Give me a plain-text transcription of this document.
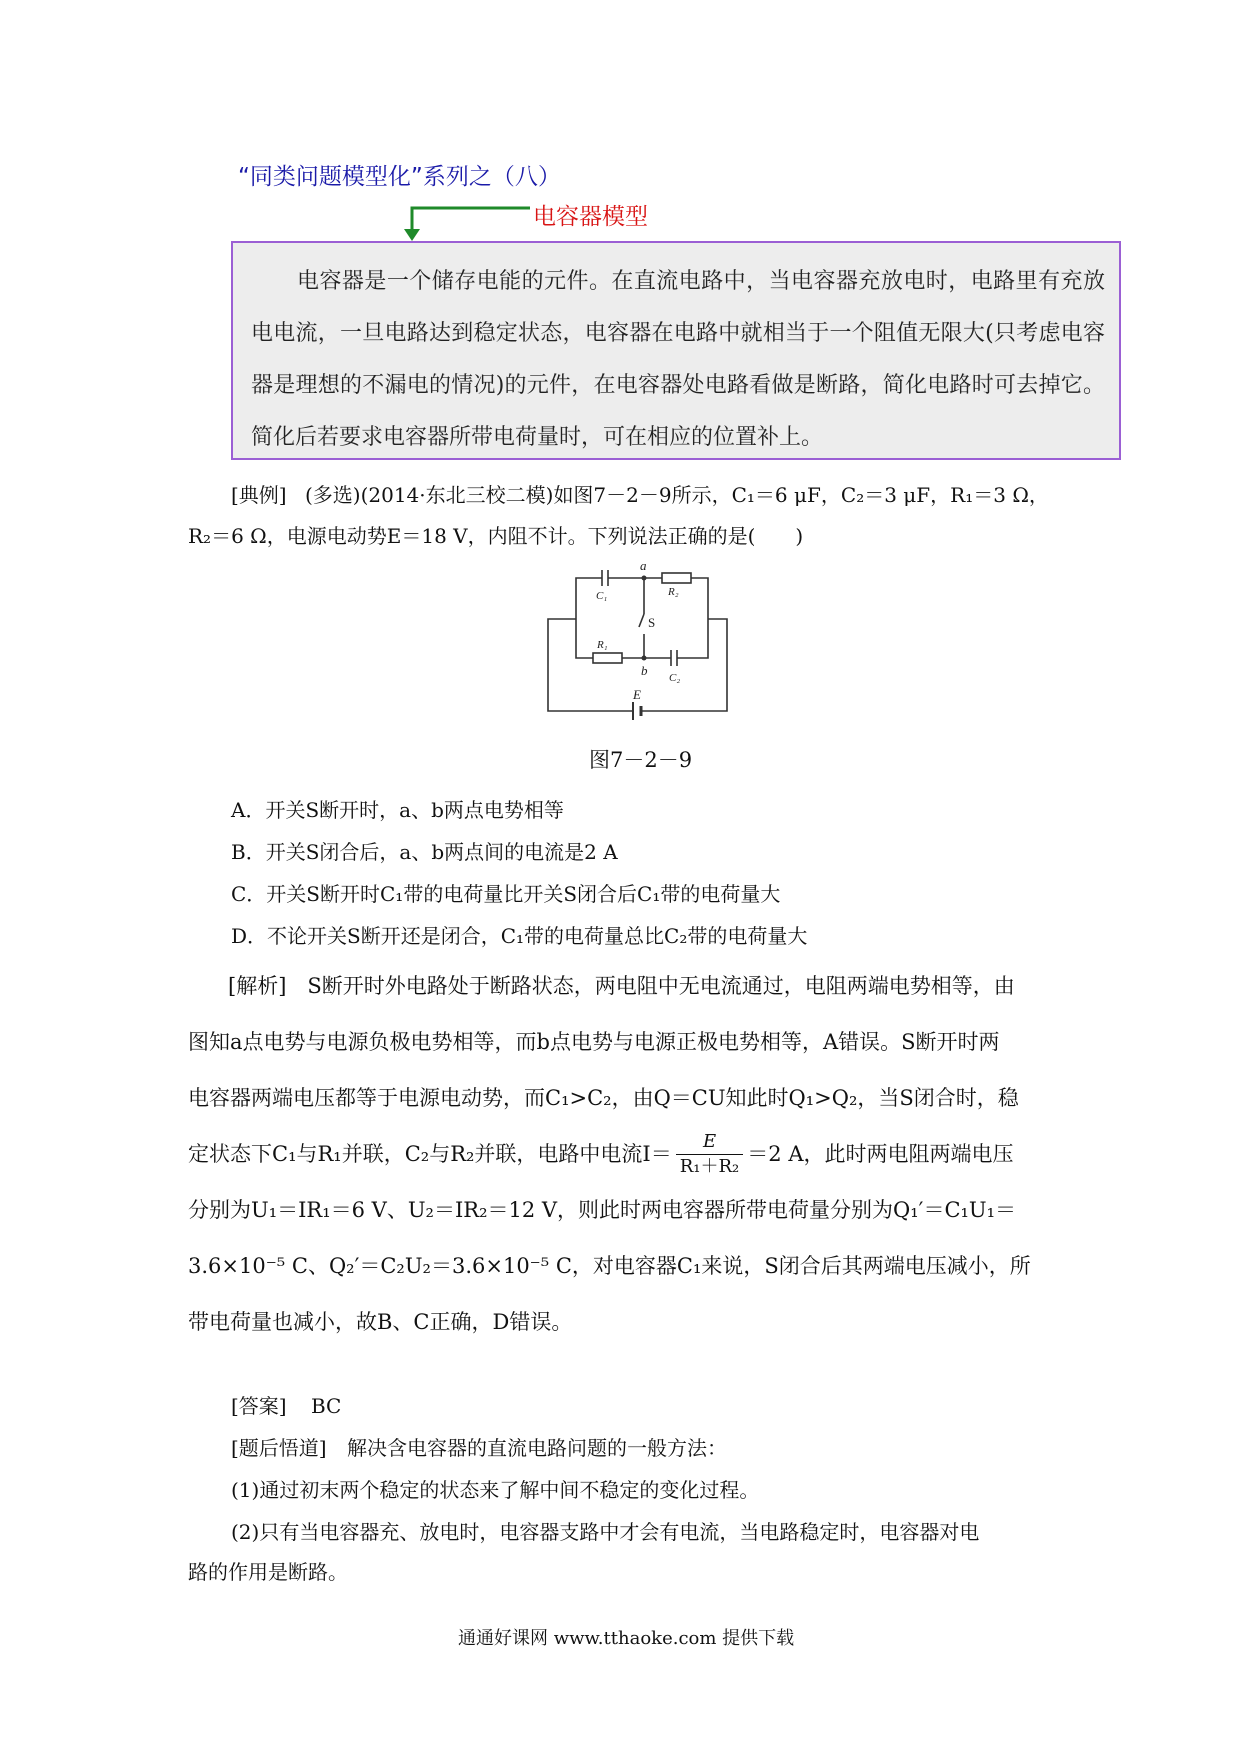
“同类问题模型化”系列之（八）
电容器模型
电容器是一个储存电能的元件。在直流电路中，当电容器充放电时，电路里有充放电电流，一旦电路达到稳定状态，电容器在电路中就相当于一个阻值无限大(只考虑电容器是理想的不漏电的情况)的元件，在电容器处电路看做是断路，简化电路时可去掉它。简化后若要求电容器所带电荷量时，可在相应的位置补上。
[典例] (多选)(2014·东北三校二模)如图7－2－9所示，C₁＝6 μF，C₂＝3 μF，R₁＝3 Ω，
R₂＝6 Ω，电源电动势E＝18 V，内阻不计。下列说法正确的是(　　)
a
b
C₁	R₂
R₁
C₂
S
E
图7－2－9
A．开关S断开时，a、b两点电势相等
B．开关S闭合后，a、b两点间的电流是2 A
C．开关S断开时C₁带的电荷量比开关S闭合后C₁带的电荷量大
D．不论开关S断开还是闭合，C₁带的电荷量总比C₂带的电荷量大
[解析]　 S断开时外电路处于断路状态，两电阻中无电流通过，电阻两端电势相等，由
图知a点电势与电源负极电势相等，而b点电势与电源正极电势相等，A错误。S断开时两
电容器两端电压都等于电源电动势，而C₁>C₂，由Q＝CU知此时Q₁>Q₂，当S闭合时，稳
定状态下C₁与R₁并联，C₂与R₂并联，电路中电流$I= \frac{E}{\text{R₁＋R₂}} =2$ A，此时两电阻两端电压
分别为U₁＝IR₁＝6 V、U₂＝IR₂＝12 V，则此时两电容器所带电荷量分别为Q₁′＝C₁U₁＝
3.6×10⁻⁵ C、Q₂′＝C₂U₂＝3.6×10⁻⁵ C，对电容器C₁来说，S闭合后其两端电压减小，所
带电荷量也减小，故B、C正确，D错误。
[答案] BC
[题后悟道] 解决含电容器的直流电路问题的一般方法：
(1)通过初末两个稳定的状态来了解中间不稳定的变化过程。
(2)只有当电容器充、放电时，电容器支路中才会有电流，当电路稳定时，电容器对电
路的作用是断路。
通通好课网 www.tthaoke.com 提供下载
